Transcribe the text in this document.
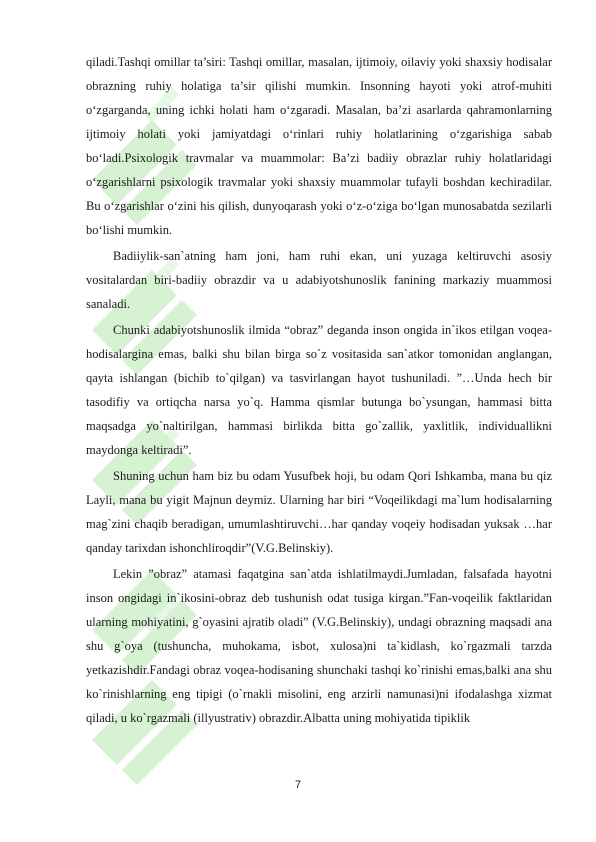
qiladi.Tashqi omillar ta’siri: Tashqi omillar, masalan, ijtimoiy, oilaviy yoki shaxsiy hodisalar obrazning ruhiy holatiga ta’sir qilishi mumkin. Insonning hayoti yoki atrof-muhiti o‘zgarganda, uning ichki holati ham o‘zgaradi. Masalan, ba’zi asarlarda qahramonlarning ijtimoiy holati yoki jamiyatdagi o‘rinlari ruhiy holatlarining o‘zgarishiga sabab bo‘ladi.Psixologik travmalar va muammolar: Ba’zi badiiy obrazlar ruhiy holatlaridagi o‘zgarishlarni psixologik travmalar yoki shaxsiy muammolar tufayli boshdan kechiradilar. Bu o‘zgarishlar o‘zini his qilish, dunyoqarash yoki o‘z-o‘ziga bo‘lgan munosabatda sezilarli bo‘lishi mumkin.

Badiiylik-san`atning ham joni, ham ruhi ekan, uni yuzaga keltiruvchi asosiy vositalardan biri-badiiy obrazdir va u adabiyotshunoslik fanining markaziy muammosi sanaladi.

Chunki adabiyotshunoslik ilmida “obraz” deganda inson ongida in`ikos etilgan voqea-hodisalargina emas, balki shu bilan birga so`z vositasida san`atkor tomonidan anglangan, qayta ishlangan (bichib to`qilgan) va tasvirlangan hayot tushuniladi. ”…Unda hech bir tasodifiy va ortiqcha narsa yo`q. Hamma qismlar butunga bo`ysungan, hammasi bitta maqsadga yo`naltirilgan, hammasi birlikda bitta go`zallik, yaxlitlik, individuallikni maydonga keltiradi”.

Shuning uchun ham biz bu odam Yusufbek hoji, bu odam Qori Ishkamba, mana bu qiz Layli, mana bu yigit Majnun deymiz. Ularning har biri “Voqeilikdagi ma`lum hodisalarning mag`zini chaqib beradigan, umumlashtiruvchi…har qanday voqeiy hodisadan yuksak …har qanday tarixdan ishonchliroqdir”(V.G.Belinskiy).

Lekin ”obraz” atamasi faqatgina san`atda ishlatilmaydi.Jumladan, falsafada hayotni inson ongidagi in`ikosini-obraz deb tushunish odat tusiga kirgan.”Fan-voqeilik faktlaridan ularning mohiyatini, g`oyasini ajratib oladi” (V.G.Belinskiy), undagi obrazning maqsadi ana shu g`oya (tushuncha, muhokama, isbot, xulosa)ni ta`kidlash, ko`rgazmali tarzda yetkazishdir.Fandagi obraz voqea-hodisaning shunchaki tashqi ko`rinishi emas,balki ana shu ko`rinishlarning eng tipigi (o`rnakli misolini, eng arzirli namunasi)ni ifodalashga xizmat qiladi, u ko`rgazmali (illyustrativ) obrazdir.Albatta uning mohiyatida tipiklik

7
